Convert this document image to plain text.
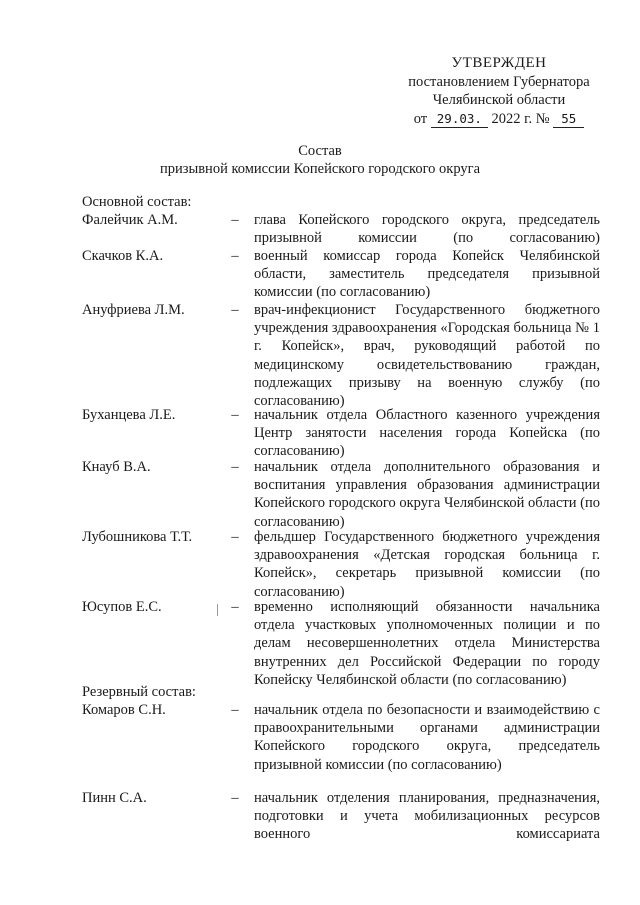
УТВЕРЖДЕН
постановлением Губернатора
Челябинской области
от 29.03. 2022 г. № 55
Состав
призывной комиссии Копейского городского округа
Основной состав:
Фалейчик А.М.	– глава Копейского городского округа, председатель призывной комиссии (по согласованию)
Скачков К.А.	– военный комиссар города Копейск Челябинской области, заместитель председателя призывной комиссии (по согласованию)
Ануфриева Л.М.	– врач-инфекционист Государственного бюджетного учреждения здравоохранения «Городская больница № 1 г. Копейск», врач, руководящий работой по медицинскому освидетельствованию граждан, подлежащих призыву на военную службу (по согласованию)
Буханцева Л.Е.	– начальник отдела Областного казенного учреждения Центр занятости населения города Копейска (по согласованию)
Кнауб В.А.	– начальник отдела дополнительного образования и воспитания управления образования администрации Копейского городского округа Челябинской области (по согласованию)
Лубошникова Т.Т.	– фельдшер Государственного бюджетного учреждения здравоохранения «Детская городская больница г. Копейск», секретарь призывной комиссии (по согласованию)
Юсупов Е.С.	– временно исполняющий обязанности начальника отдела участковых уполномоченных полиции и по делам несовершеннолетних отдела Министерства внутренних дел Российской Федерации по городу Копейску Челябинской области (по согласованию)
Резервный состав:
Комаров С.Н.	– начальник отдела по безопасности и взаимодействию с правоохранительными органами администрации Копейского городского округа, председатель призывной комиссии (по согласованию)
Пинн С.А.	– начальник отделения планирования, предназначения, подготовки и учета мобилизационных ресурсов военного комиссариата
